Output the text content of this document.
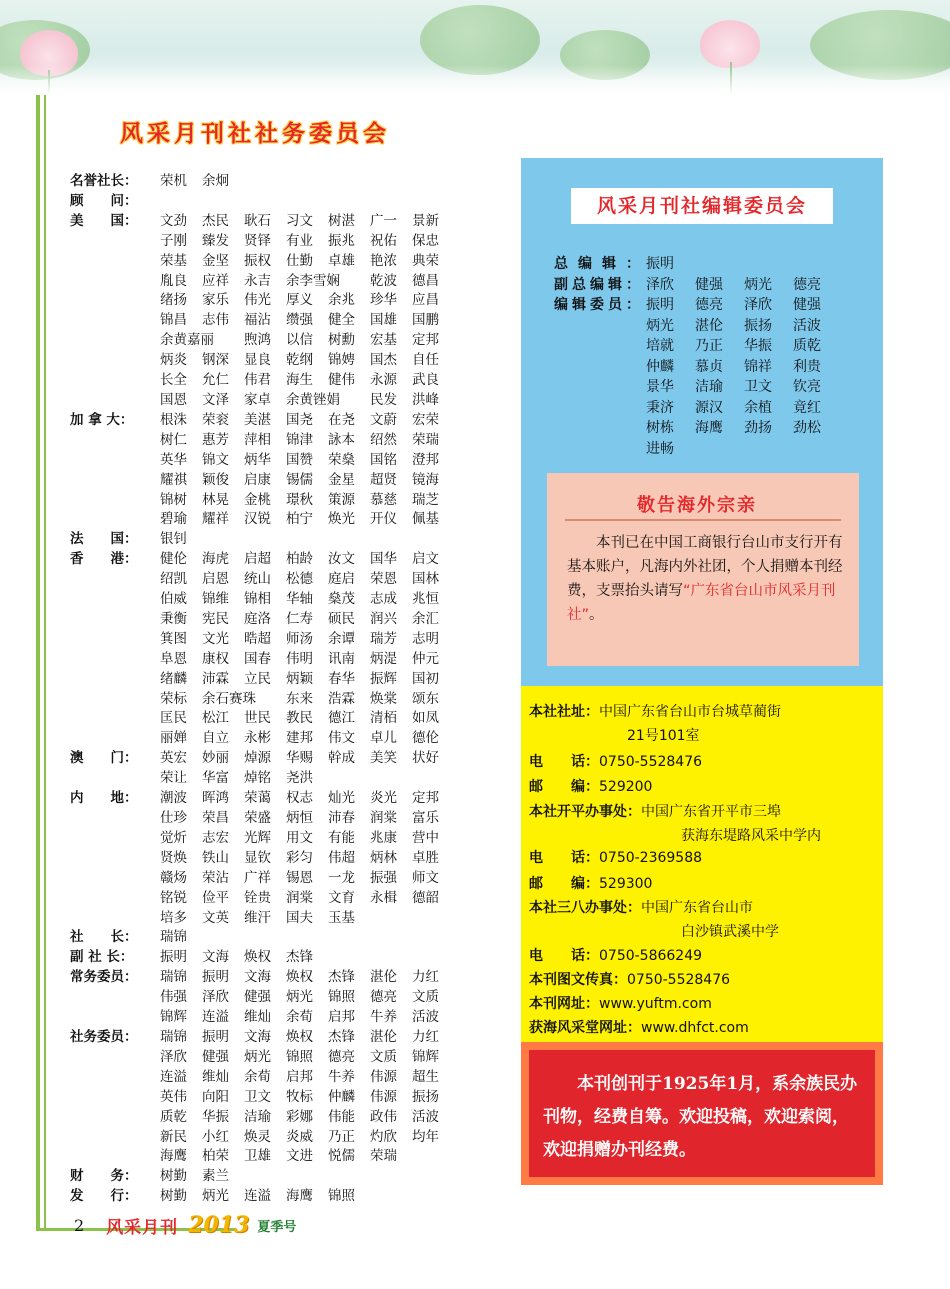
风采月刊社社务委员会
名誉社长：	荣机	余炯
顾　　问：
美　　国：	文劲	杰民	耿石	习文	树湛	广一	景新
子刚	臻发	贤铎	有业	振兆	祝佑	保忠
荣基	金坚	振权	仕勤	卓雄	艳浓	典荣
胤良	应祥	永吉	余李雪娴 乾波	德昌
绪扬	家乐	伟光	厚义	余兆	珍华	应昌
锦昌	志伟	福沾	缵强	健全	国雄	国鹏
余黄嘉丽 煦鸿	以信	树勳	宏基	定邦
炳炎	钢深	显良	乾纲	锦娉	国杰	自任
长全	允仁	伟君	海生	健伟	永源	武良
国恩	文泽	家卓	余黄锉娟 民发	洪峰
加 拿 大：	根洙	荣衮	美湛	国尧	在尧	文蔚	宏荣
树仁	惠芳	萍相	锦津	詠本	绍然	荣瑞
英华	锦文	炳华	国赞	荣燊	国铭	澄邦
耀祺	颖俊	启康	锡儒	金星	超贤	镜海
锦树	林晃	金桃	璟秋	策源	慕慈	瑞芝
碧瑜	耀祥	汉锐	柏宁	焕光	开仪	佩基
法　　国：	银钊
香　　港：	健伦	海虎	启超	柏龄	汝文	国华	启文
绍凯	启恩	统山	松德	庭启	荣恩	国林
伯威	锦维	锦相	华轴	燊茂	志成	兆恒
秉衡	宪民	庭洛	仁寿	硕民	润兴	余汇
箕图	文光	晧超	师汤	余谭	瑞芳	志明
阜恩	康权	国春	伟明	讯南	炳湜	仲元
绪麟	沛霖	立民	炳颖	春华	振辉	国初
荣标	余石赛珠 东来	浩霖	焕棠	颂东
匡民	松江	世民	教民	德江	清栢	如凤
丽婵	自立	永彬	建邦	伟文	卓儿	德伦
澳　　门：	英宏	妙丽	焯源	华赐	幹成	美笑	状好
荣让	华富	焯铭	尧洪
内　　地：	潮波	晖鸿	荣蔼	权志	灿光	炎光	定邦
仕珍	荣昌	荣盛	炳恒	沛春	润棠	富乐
觉炘	志宏	光辉	用文	有能	兆康	营中
贤焕	铁山	显钦	彩匀	伟超	炳林	卓胜
赣炀	荣沾	广祥	锡恩	一龙	振强	师文
铭锐	俭平	铨贵	润棠	文育	永楫	德韶
培多	文英	维汗	国夫	玉基
社　　长：	瑞锦
副 社 长：	振明	文海	焕权	杰锋
常务委员：	瑞锦	振明	文海	焕权	杰锋	湛伦	力红
伟强	泽欣	健强	炳光	锦照	德亮	文质
锦辉	连溢	维灿	余荀	启邦	牛养	活波
社务委员：	瑞锦	振明	文海	焕权	杰锋	湛伦	力红
泽欣	健强	炳光	锦照	德亮	文质	锦辉
连溢	维灿	余荀	启邦	牛养	伟源	超生
英伟	向阳	卫文	牧标	仲麟	伟源	振扬
质乾	华振	洁瑜	彩娜	伟能	政伟	活波
新民	小红	焕灵	炎威	乃正	灼欣	均年
海鹰	柏荣	卫雄	文进	悦儒	荣瑞
财　　务：	树勤	素兰
发　　行：	树勤	炳光	连溢	海鹰	锦照
风采月刊社编辑委员会
总编辑： 振明
副总编辑： 泽欣	健强	炳光	德亮
编辑委员： 振明	德亮	泽欣	健强
炳光	湛伦	振扬	活波
培就	乃正	华振	质乾
仲麟	慕贞	锦祥	利贵
景华	洁瑜	卫文	钦亮
秉济	源汉	余植	竟红
树栋	海鹰	劲扬	劲松
进畅
敬告海外宗亲
本刊已在中国工商银行台山市支行开有基本账户，凡海内外社团，个人捐赠本刊经费，支票抬头请写“广东省台山市风采月刊社”。
本社社址：中国广东省台山市台城草蔺街
21号101室
电　　话：0750-5528476
邮　　编：529200
本社开平办事处：中国广东省开平市三埠
获海东堤路风采中学内
电　　话：0750-2369588
邮　　编：529300
本社三八办事处：中国广东省台山市
白沙镇武溪中学
电　　话：0750-5866249
本刊图文传真：0750-5528476
本刊网址：www.yuftm.com
获海风采堂网址：www.dhfct.com
本刊创刊于1925年1月，系余族民办刊物，经费自筹。欢迎投稿，欢迎索阅，欢迎捐赠办刊经费。
2 风采月刊 2013 夏季号
